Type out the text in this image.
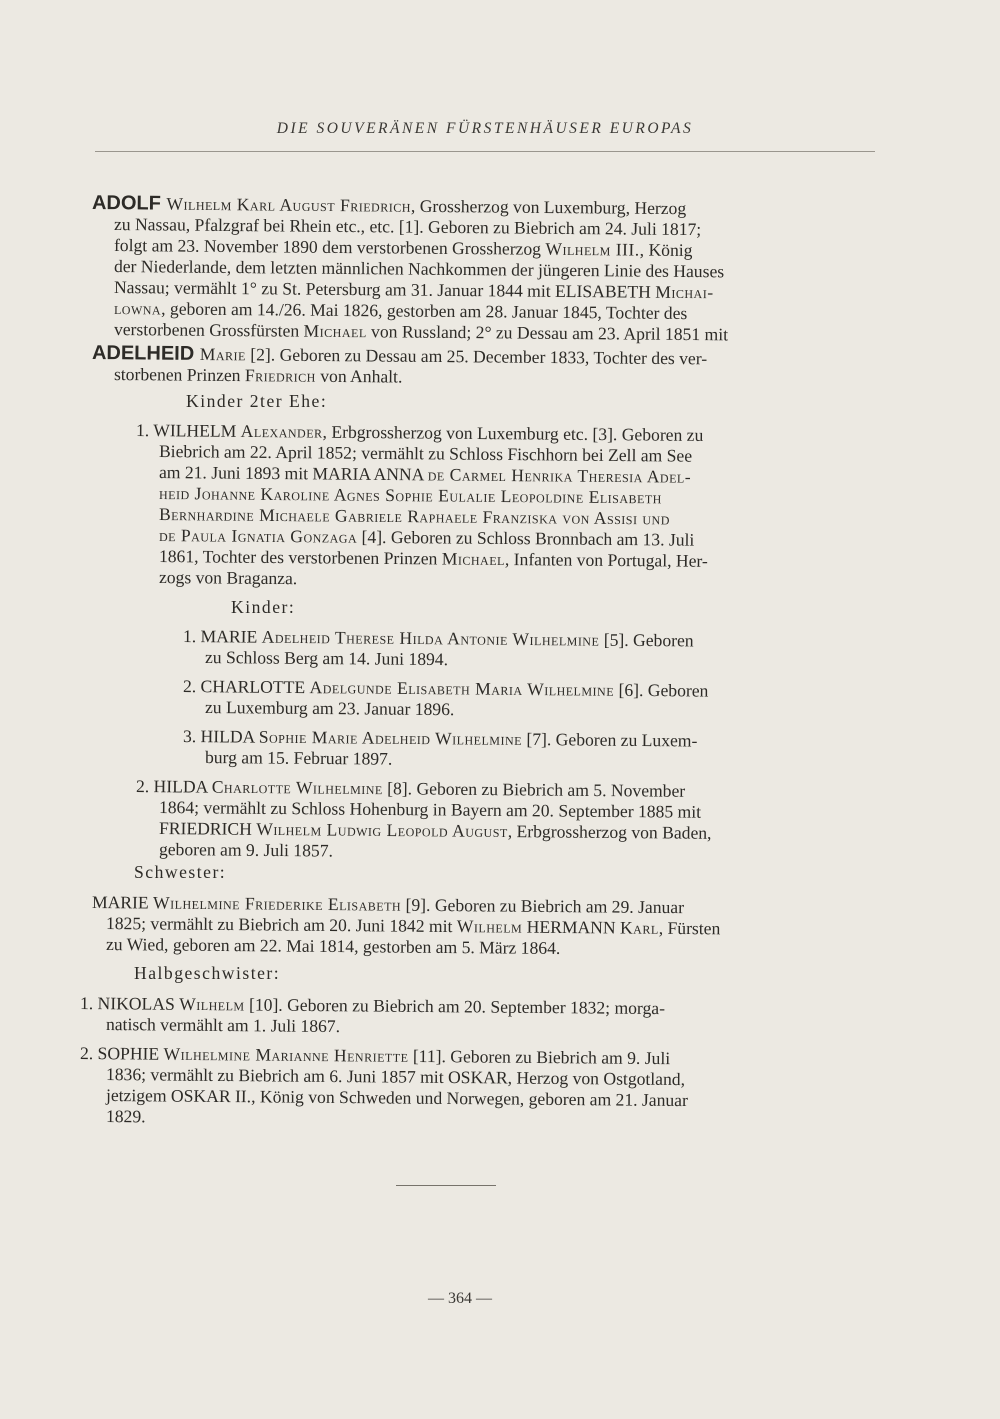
DIE SOUVERÄNEN FÜRSTENHÄUSER EUROPAS
ADOLF Wilhelm Karl August Friedrich, Grossherzog von Luxemburg, Herzog
zu Nassau, Pfalzgraf bei Rhein etc., etc. [1]. Geboren zu Biebrich am 24. Juli 1817;
folgt am 23. November 1890 dem verstorbenen Grossherzog Wilhelm III., König
der Niederlande, dem letzten männlichen Nachkommen der jüngeren Linie des Hauses
Nassau; vermählt 1° zu St. Petersburg am 31. Januar 1844 mit ELISABETH Michai-
lowna, geboren am 14./26. Mai 1826, gestorben am 28. Januar 1845, Tochter des
verstorbenen Grossfürsten Michael von Russland; 2° zu Dessau am 23. April 1851 mit
ADELHEID Marie [2]. Geboren zu Dessau am 25. December 1833, Tochter des ver-
storbenen Prinzen Friedrich von Anhalt.
Kinder 2ter Ehe:
1. WILHELM Alexander, Erbgrossherzog von Luxemburg etc. [3]. Geboren zu
Biebrich am 22. April 1852; vermählt zu Schloss Fischhorn bei Zell am See
am 21. Juni 1893 mit MARIA ANNA de Carmel Henrika Theresia Adel-
heid Johanne Karoline Agnes Sophie Eulalie Leopoldine Elisabeth
Bernhardine Michaele Gabriele Raphaele Franziska von Assisi und
de Paula Ignatia Gonzaga [4]. Geboren zu Schloss Bronnbach am 13. Juli
1861, Tochter des verstorbenen Prinzen Michael, Infanten von Portugal, Her-
zogs von Braganza.
Kinder:
1. MARIE Adelheid Therese Hilda Antonie Wilhelmine [5]. Geboren
zu Schloss Berg am 14. Juni 1894.
2. CHARLOTTE Adelgunde Elisabeth Maria Wilhelmine [6]. Geboren
zu Luxemburg am 23. Januar 1896.
3. HILDA Sophie Marie Adelheid Wilhelmine [7]. Geboren zu Luxem-
burg am 15. Februar 1897.
2. HILDA Charlotte Wilhelmine [8]. Geboren zu Biebrich am 5. November
1864; vermählt zu Schloss Hohenburg in Bayern am 20. September 1885 mit
FRIEDRICH Wilhelm Ludwig Leopold August, Erbgrossherzog von Baden,
geboren am 9. Juli 1857.
Schwester:
MARIE Wilhelmine Friederike Elisabeth [9]. Geboren zu Biebrich am 29. Januar
1825; vermählt zu Biebrich am 20. Juni 1842 mit Wilhelm HERMANN Karl, Fürsten
zu Wied, geboren am 22. Mai 1814, gestorben am 5. März 1864.
Halbgeschwister:
1. NIKOLAS Wilhelm [10]. Geboren zu Biebrich am 20. September 1832; morga-
natisch vermählt am 1. Juli 1867.
2. SOPHIE Wilhelmine Marianne Henriette [11]. Geboren zu Biebrich am 9. Juli
1836; vermählt zu Biebrich am 6. Juni 1857 mit OSKAR, Herzog von Ostgotland,
jetzigem OSKAR II., König von Schweden und Norwegen, geboren am 21. Januar
1829.
— 364 —
